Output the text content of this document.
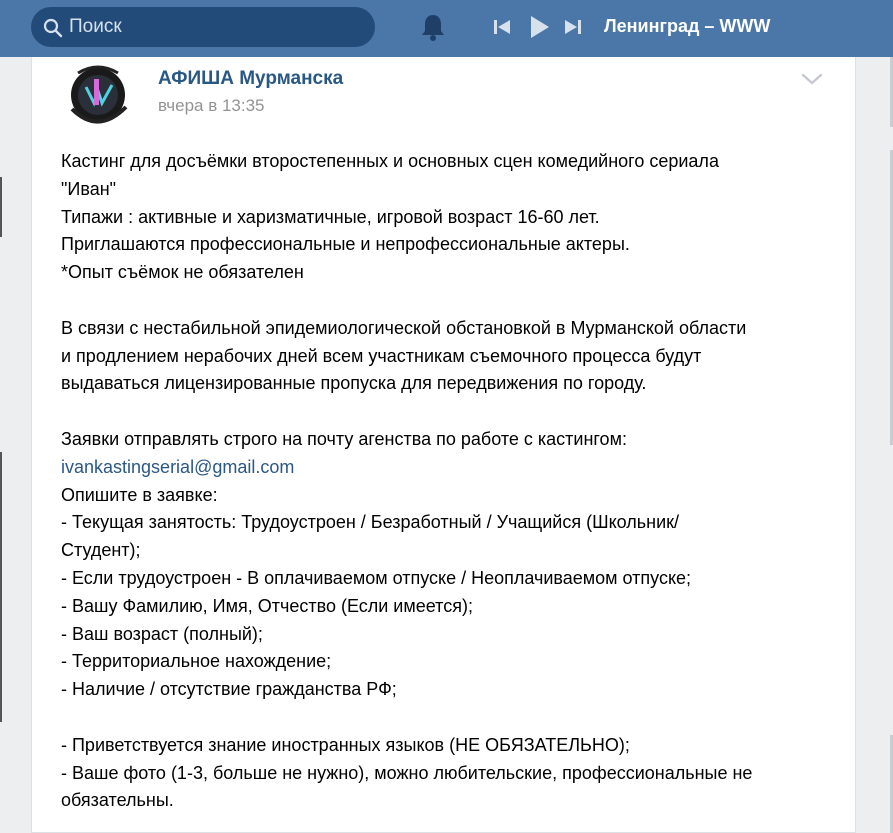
Поиск
Ленинград – WWW
АФИША Мурманска
вчера в 13:35
Кастинг для досъёмки второстепенных и основных сцен комедийного сериала
"Иван"
Типажи : активные и харизматичные, игровой возраст 16-60 лет.
Приглашаются профессиональные и непрофессиональные актеры.
*Опыт съёмок не обязателен
В связи с нестабильной эпидемиологической обстановкой в Мурманской области
и продлением нерабочих дней всем участникам съемочного процесса будут
выдаваться лицензированные пропуска для передвижения по городу.
Заявки отправлять строго на почту агенства по работе с кастингом:
ivankastingserial@gmail.com
Опишите в заявке:
- Текущая занятость: Трудоустроен / Безработный / Учащийся (Школьник/
Студент);
- Если трудоустроен - В оплачиваемом отпуске / Неоплачиваемом отпуске;
- Вашу Фамилию, Имя, Отчество (Если имеется);
- Ваш возраст (полный);
- Территориальное нахождение;
- Наличие / отсутствие гражданства РФ;
- Приветствуется знание иностранных языков (НЕ ОБЯЗАТЕЛЬНО);
- Ваше фото (1-3, больше не нужно), можно любительские, профессиональные не
обязательны.
